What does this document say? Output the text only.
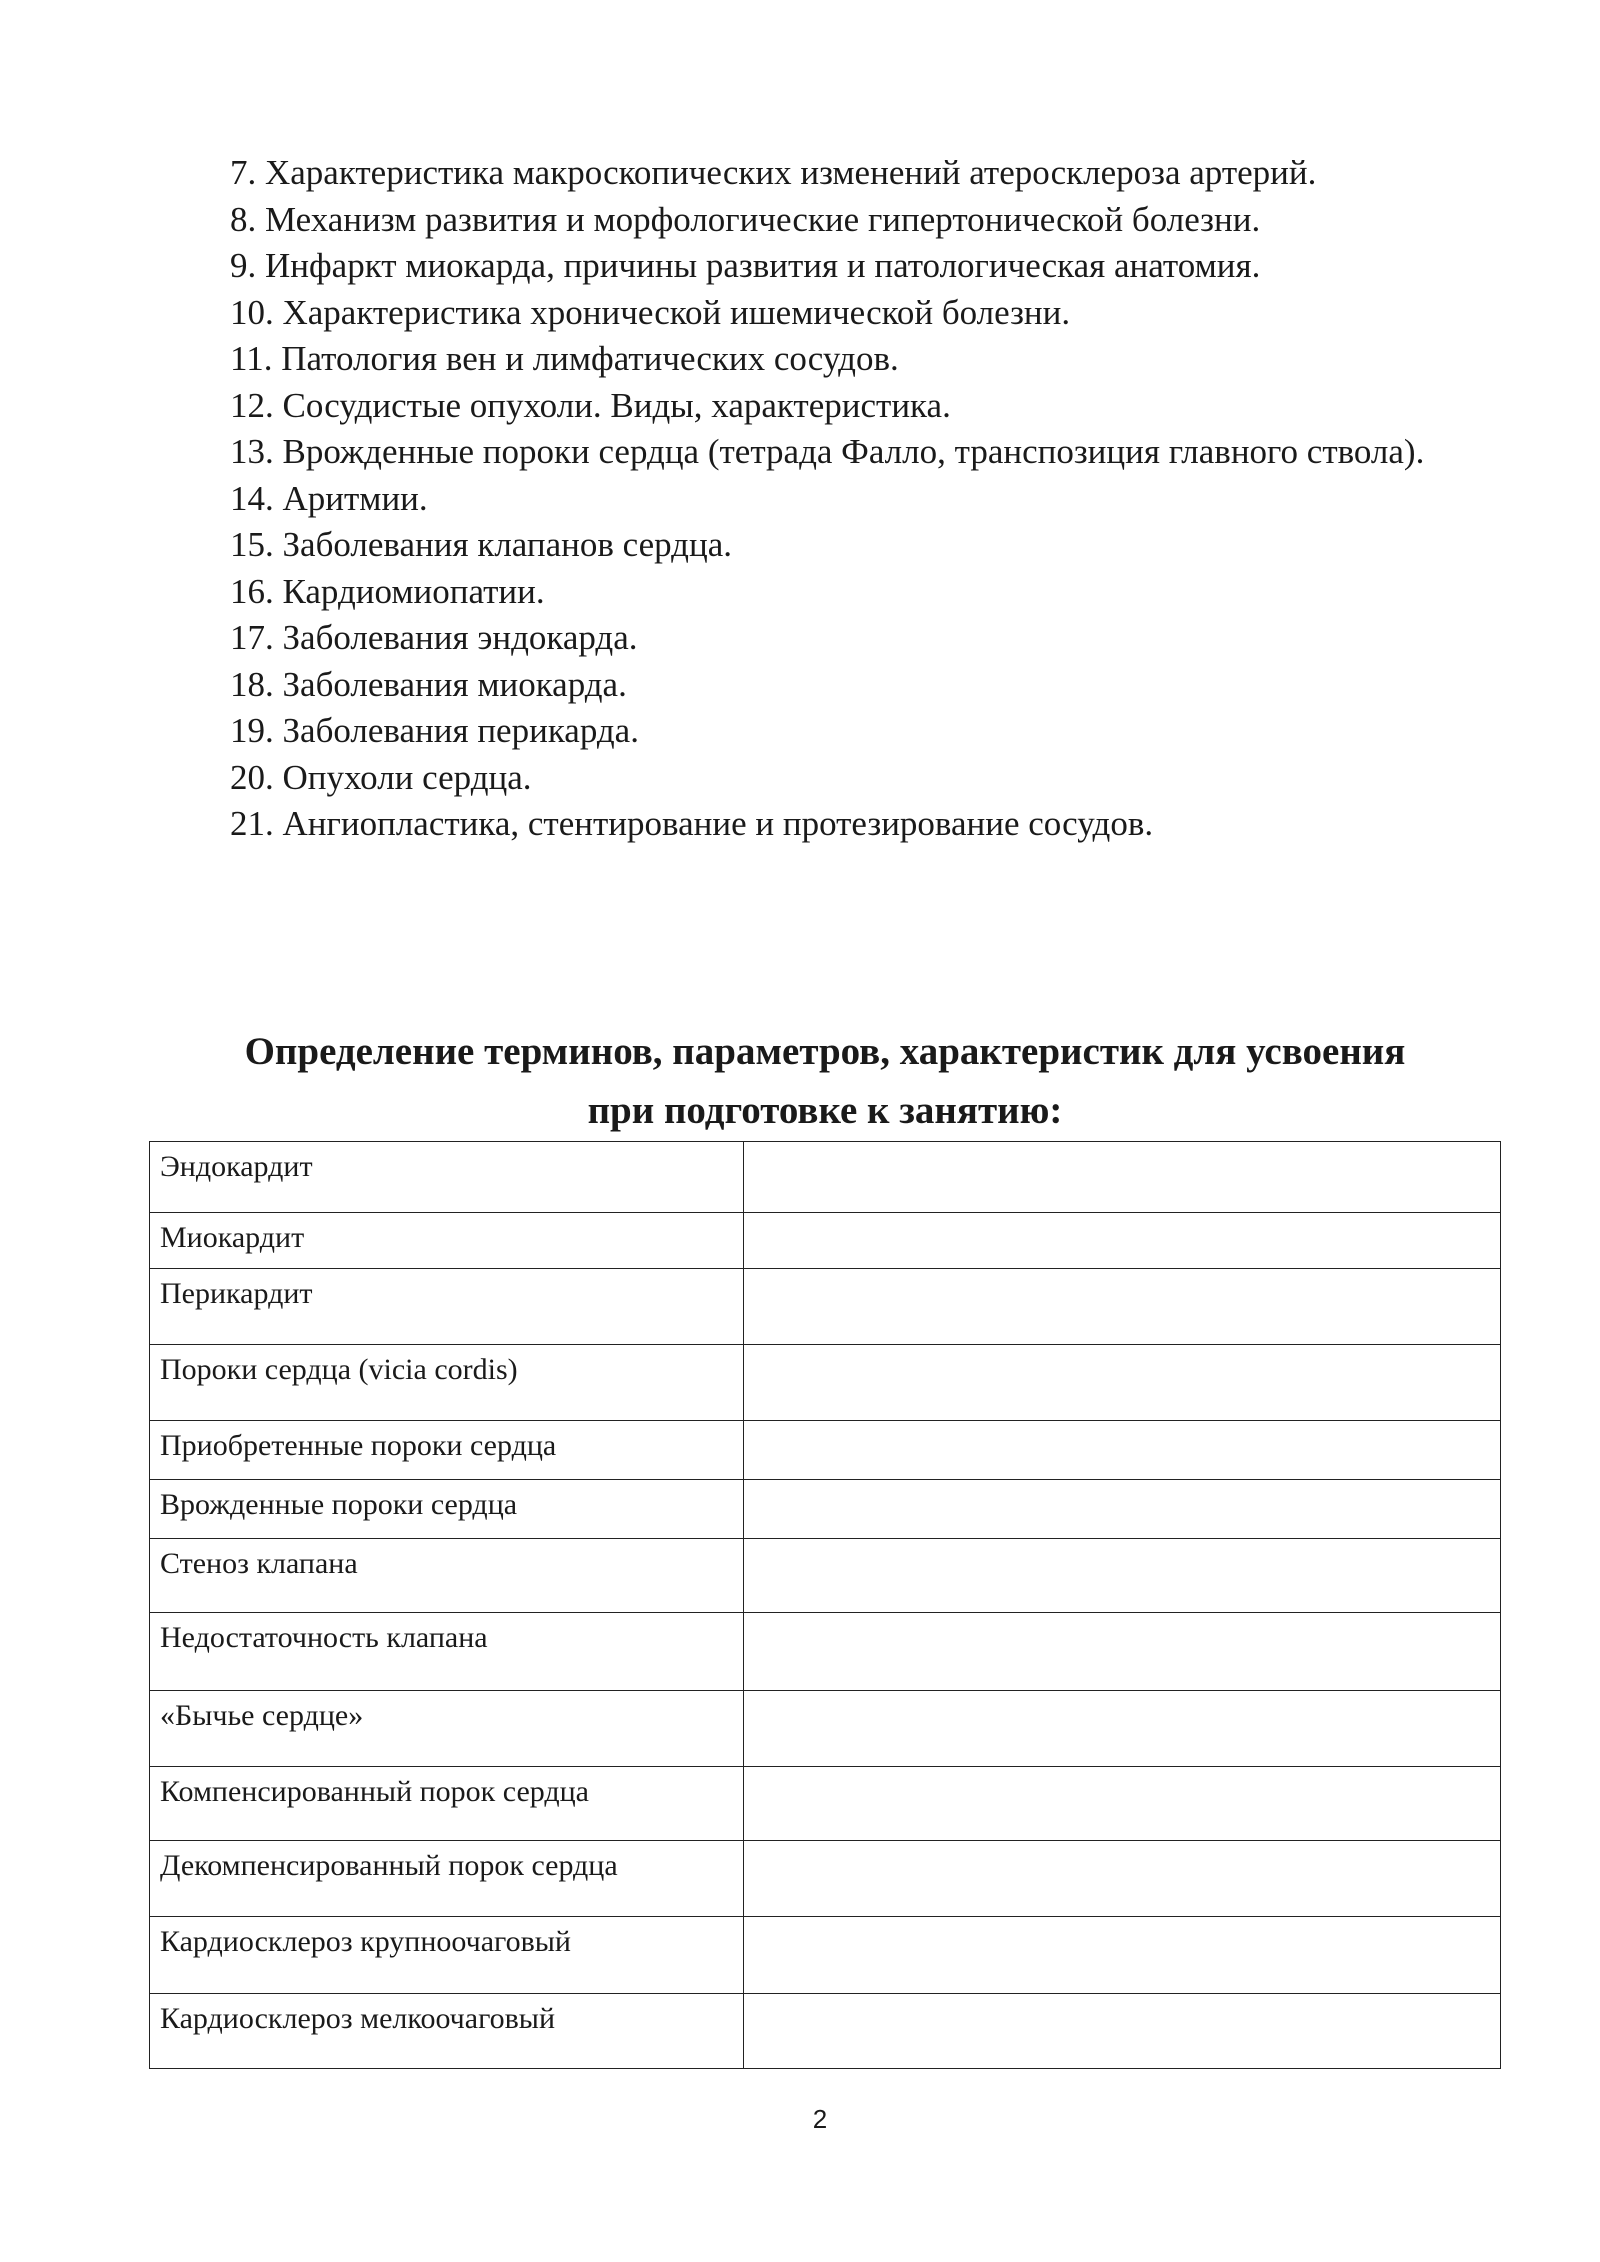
7. Характеристика макроскопических изменений атеросклероза артерий.
8. Механизм развития и морфологические гипертонической болезни.
9. Инфаркт миокарда, причины развития и патологическая анатомия.
10. Характеристика хронической ишемической болезни.
11. Патология вен и лимфатических сосудов.
12. Сосудистые опухоли. Виды, характеристика.
13. Врожденные пороки сердца (тетрада Фалло, транспозиция главного ствола).
14. Аритмии.
15. Заболевания клапанов сердца.
16. Кардиомиопатии.
17. Заболевания эндокарда.
18. Заболевания миокарда.
19. Заболевания перикарда.
20. Опухоли сердца.
21. Ангиопластика, стентирование и протезирование сосудов.
Определение терминов, параметров, характеристик для усвоения
при подготовке к занятию:
Эндокардит	
Миокардит	
Перикардит	
Пороки сердца (vicia cordis)	
Приобретенные пороки сердца	
Врожденные пороки сердца	
Стеноз клапана	
Недостаточность клапана	
«Бычье сердце»	
Компенсированный порок сердца	
Декомпенсированный порок сердца	
Кардиосклероз крупноочаговый	
Кардиосклероз мелкоочаговый	
2
